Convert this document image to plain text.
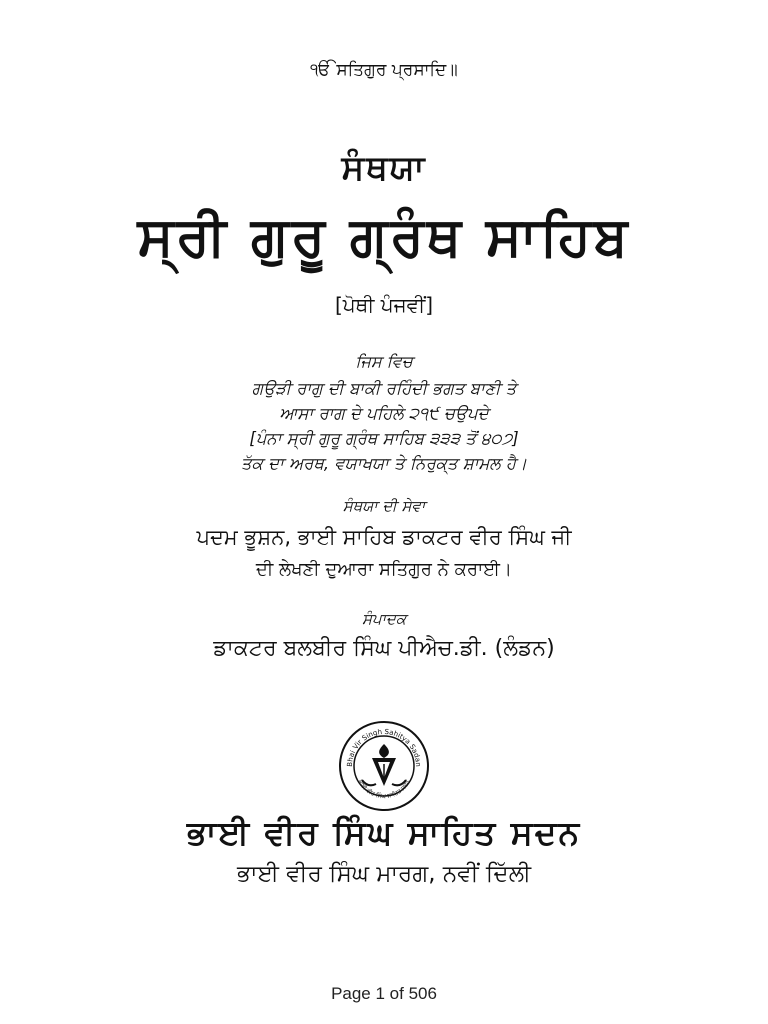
ੴ ਸਤਿਗੁਰ ਪ੍ਰਸਾਦਿ॥
ਸੰਥਯਾ
ਸ੍ਰੀ ਗੁਰੂ ਗ੍ਰੰਥ ਸਾਹਿਬ
[ਪੋਥੀ ਪੰਜਵੀਂ]
ਜਿਸ ਵਿਚ
ਗਉੜੀ ਰਾਗੁ ਦੀ ਬਾਕੀ ਰਹਿੰਦੀ ਭਗਤ ਬਾਣੀ ਤੇ
ਆਸਾ ਰਾਗ ਦੇ ਪਹਿਲੇ ੨੧੯ ਚਉਪਦੇ
[ਪੰਨਾ ਸ੍ਰੀ ਗੁਰੂ ਗ੍ਰੰਥ ਸਾਹਿਬ ੩੩੩ ਤੋਂ ੪੦੭]
ਤੱਕ ਦਾ ਅਰਥ, ਵਯਾਖਯਾ ਤੇ ਨਿਰੁਕ੍ਤ ਸ਼ਾਮਲ ਹੈ।
ਸੰਥਯਾ ਦੀ ਸੇਵਾ
ਪਦਮ ਭੂਸ਼ਨ, ਭਾਈ ਸਾਹਿਬ ਡਾਕਟਰ ਵੀਰ ਸਿੰਘ ਜੀ
ਦੀ ਲੇਖਣੀ ਦੁਆਰਾ ਸਤਿਗੁਰ ਨੇ ਕਰਾਈ।
ਸੰਪਾਦਕ
ਡਾਕਟਰ ਬਲਬੀਰ ਸਿੰਘ ਪੀਐਚ.ਡੀ. (ਲੰਡਨ)
Bhai Vir Singh Sahitya Sadan
ਭਾਈ ਵੀਰ ਸਿੰਘ ਸਾਹਿਤ ਸਦਨ
ਭਾਈ ਵੀਰ ਸਿੰਘ ਸਾਹਿਤ ਸਦਨ
ਭਾਈ ਵੀਰ ਸਿੰਘ ਮਾਰਗ, ਨਵੀਂ ਦਿੱਲੀ
Page 1 of 506
